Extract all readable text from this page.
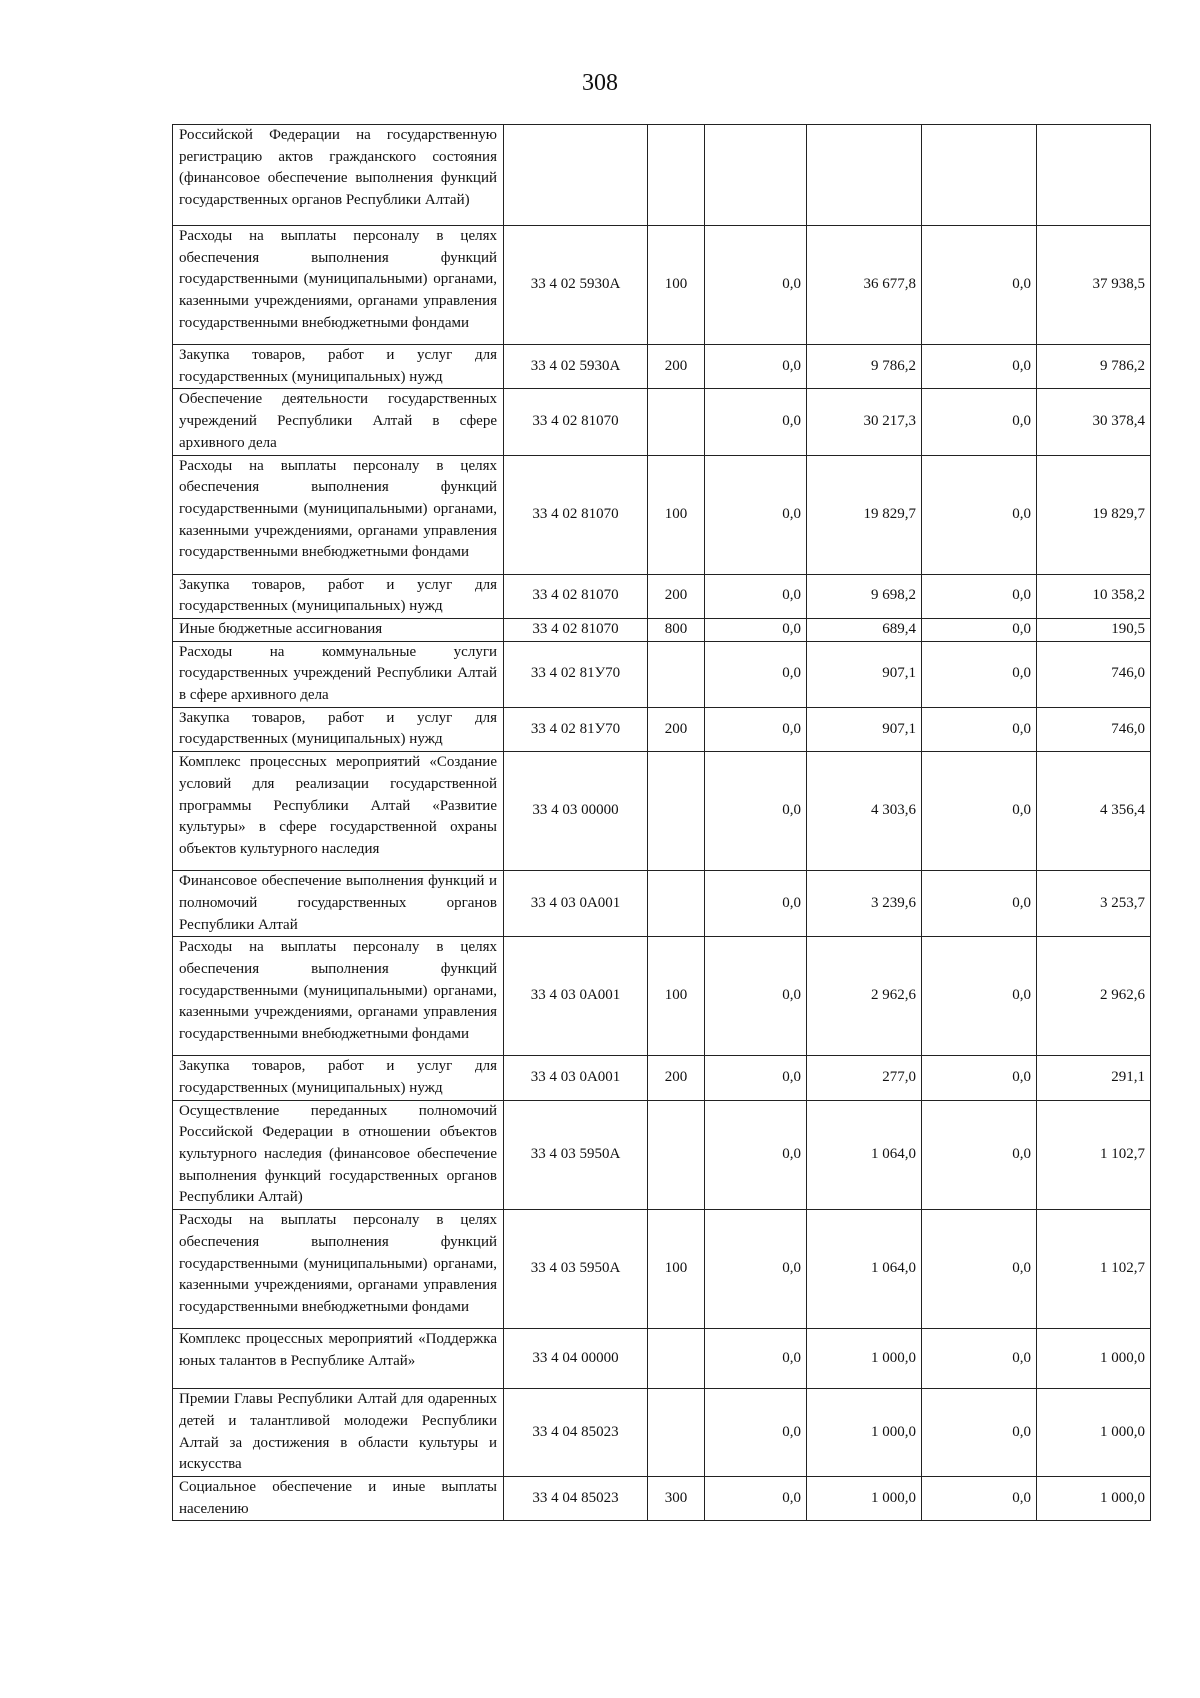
308
Российской Федерации на государственную регистрацию актов гражданского состояния (финансовое обеспечение выполнения функций государственных органов Республики Алтай)						
Расходы на выплаты персоналу в целях обеспечения выполнения функций государственными (муниципальными) органами, казенными учреждениями, органами управления государственными внебюджетными фондами	33 4 02 5930А	100	0,0	36 677,8	0,0	37 938,5
Закупка товаров, работ и услуг для государственных (муниципальных) нужд	33 4 02 5930А	200	0,0	9 786,2	0,0	9 786,2
Обеспечение деятельности государственных учреждений Республики Алтай в сфере архивного дела	33 4 02 81070		0,0	30 217,3	0,0	30 378,4
Расходы на выплаты персоналу в целях обеспечения выполнения функций государственными (муниципальными) органами, казенными учреждениями, органами управления государственными внебюджетными фондами	33 4 02 81070	100	0,0	19 829,7	0,0	19 829,7
Закупка товаров, работ и услуг для государственных (муниципальных) нужд	33 4 02 81070	200	0,0	9 698,2	0,0	10 358,2
Иные бюджетные ассигнования	33 4 02 81070	800	0,0	689,4	0,0	190,5
Расходы на коммунальные услуги государственных учреждений Республики Алтай в сфере архивного дела	33 4 02 81У70		0,0	907,1	0,0	746,0
Закупка товаров, работ и услуг для государственных (муниципальных) нужд	33 4 02 81У70	200	0,0	907,1	0,0	746,0
Комплекс процессных мероприятий «Создание условий для реализации государственной программы Республики Алтай «Развитие культуры» в сфере государственной охраны объектов культурного наследия	33 4 03 00000		0,0	4 303,6	0,0	4 356,4
Финансовое обеспечение выполнения функций и полномочий государственных органов Республики Алтай	33 4 03 0А001		0,0	3 239,6	0,0	3 253,7
Расходы на выплаты персоналу в целях обеспечения выполнения функций государственными (муниципальными) органами, казенными учреждениями, органами управления государственными внебюджетными фондами	33 4 03 0А001	100	0,0	2 962,6	0,0	2 962,6
Закупка товаров, работ и услуг для государственных (муниципальных) нужд	33 4 03 0А001	200	0,0	277,0	0,0	291,1
Осуществление переданных полномочий Российской Федерации в отношении объектов культурного наследия (финансовое обеспечение выполнения функций государственных органов Республики Алтай)	33 4 03 5950А		0,0	1 064,0	0,0	1 102,7
Расходы на выплаты персоналу в целях обеспечения выполнения функций государственными (муниципальными) органами, казенными учреждениями, органами управления государственными внебюджетными фондами	33 4 03 5950А	100	0,0	1 064,0	0,0	1 102,7
Комплекс процессных мероприятий «Поддержка юных талантов в Республике Алтай»	33 4 04 00000		0,0	1 000,0	0,0	1 000,0
Премии Главы Республики Алтай для одаренных детей и талантливой молодежи Республики Алтай за достижения в области культуры и искусства	33 4 04 85023		0,0	1 000,0	0,0	1 000,0
Социальное обеспечение и иные выплаты населению	33 4 04 85023	300	0,0	1 000,0	0,0	1 000,0
